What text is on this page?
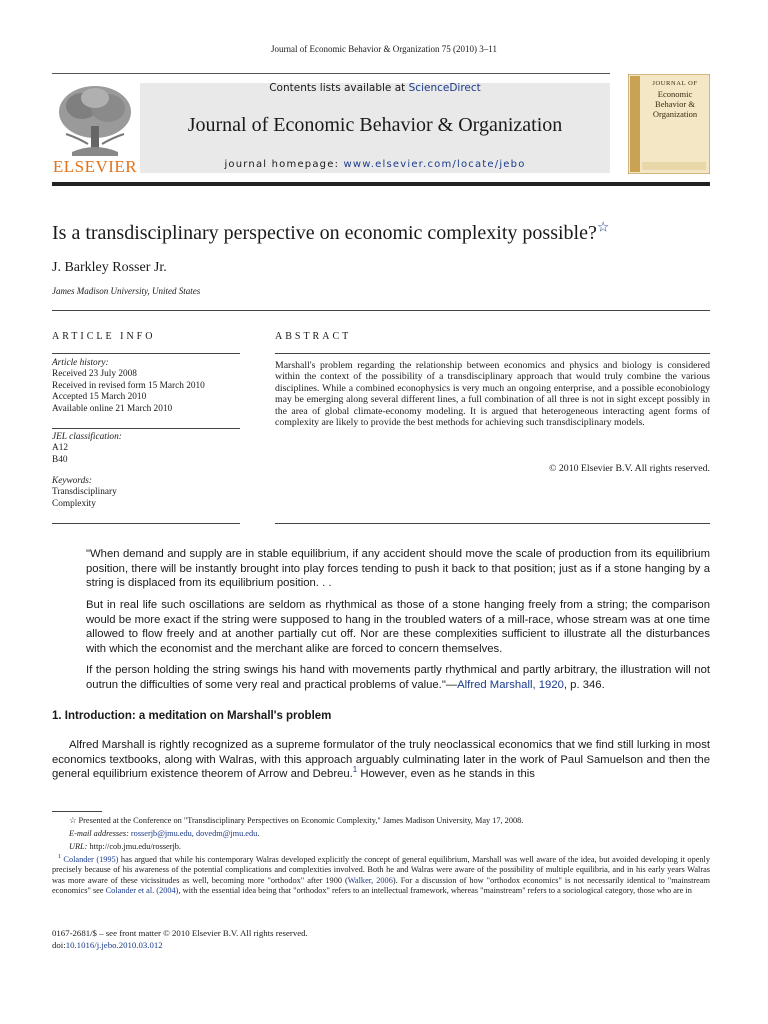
Journal of Economic Behavior & Organization 75 (2010) 3–11
ELSEVIER
Contents lists available at ScienceDirect
Journal of Economic Behavior & Organization
journal homepage: www.elsevier.com/locate/jebo
JOURNAL OF
Economic
Behavior &
Organization
Is a transdisciplinary perspective on economic complexity possible?☆
J. Barkley Rosser Jr.
James Madison University, United States
ARTICLE INFO
Article history:
Received 23 July 2008
Received in revised form 15 March 2010
Accepted 15 March 2010
Available online 21 March 2010
JEL classification:
A12
B40
Keywords:
Transdisciplinary
Complexity
ABSTRACT
Marshall's problem regarding the relationship between economics and physics and biology is considered within the context of the possibility of a transdisciplinary approach that would truly combine the various disciplines. While a combined econophysics is very much an ongoing enterprise, and a possible econobiology may be emerging along several different lines, a full combination of all three is not in sight except possibly in the area of global climate-economy modeling. It is argued that heterogeneous interacting agent forms of complexity are likely to provide the best methods for achieving such transdisciplinary models.
© 2010 Elsevier B.V. All rights reserved.
"When demand and supply are in stable equilibrium, if any accident should move the scale of production from its equilibrium position, there will be instantly brought into play forces tending to push it back to that position; just as if a stone hanging by a string is displaced from its equilibrium position. . .
But in real life such oscillations are seldom as rhythmical as those of a stone hanging freely from a string; the comparison would be more exact if the string were supposed to hang in the troubled waters of a mill-race, whose stream was at one time allowed to flow freely and at another partially cut off. Nor are these complexities sufficient to illustrate all the disturbances with which the economist and the merchant alike are forced to concern themselves.
If the person holding the string swings his hand with movements partly rhythmical and partly arbitrary, the illustration will not outrun the difficulties of some very real and practical problems of value."—Alfred Marshall, 1920, p. 346.
1. Introduction: a meditation on Marshall's problem
Alfred Marshall is rightly recognized as a supreme formulator of the truly neoclassical economics that we find still lurking in most economics textbooks, along with Walras, with this approach arguably culminating later in the work of Paul Samuelson and then the general equilibrium existence theorem of Arrow and Debreu.$^1$ However, even as he stands in this
☆ Presented at the Conference on "Transdisciplinary Perspectives on Economic Complexity," James Madison University, May 17, 2008.
E-mail addresses: rosserjb@jmu.edu, dovedm@jmu.edu.
URL: http://cob.jmu.edu/rosserjb.
$^1$ Colander (1995) has argued that while his contemporary Walras developed explicitly the concept of general equilibrium, Marshall was well aware of the idea, but avoided developing it openly precisely because of his awareness of the potential complications and complexities involved. Both he and Walras were aware of the possibility of multiple equilibria, and in his early years Walras was more aware of these vicissitudes as well, becoming more "orthodox" after 1900 (Walker, 2006). For a discussion of how "orthodox economics" is not necessarily identical to "mainstream economics" see Colander et al. (2004), with the essential idea being that "orthodox" refers to an intellectual framework, whereas "mainstream" refers to a sociological category, those who are in
0167-2681/$ – see front matter © 2010 Elsevier B.V. All rights reserved.
doi:10.1016/j.jebo.2010.03.012
